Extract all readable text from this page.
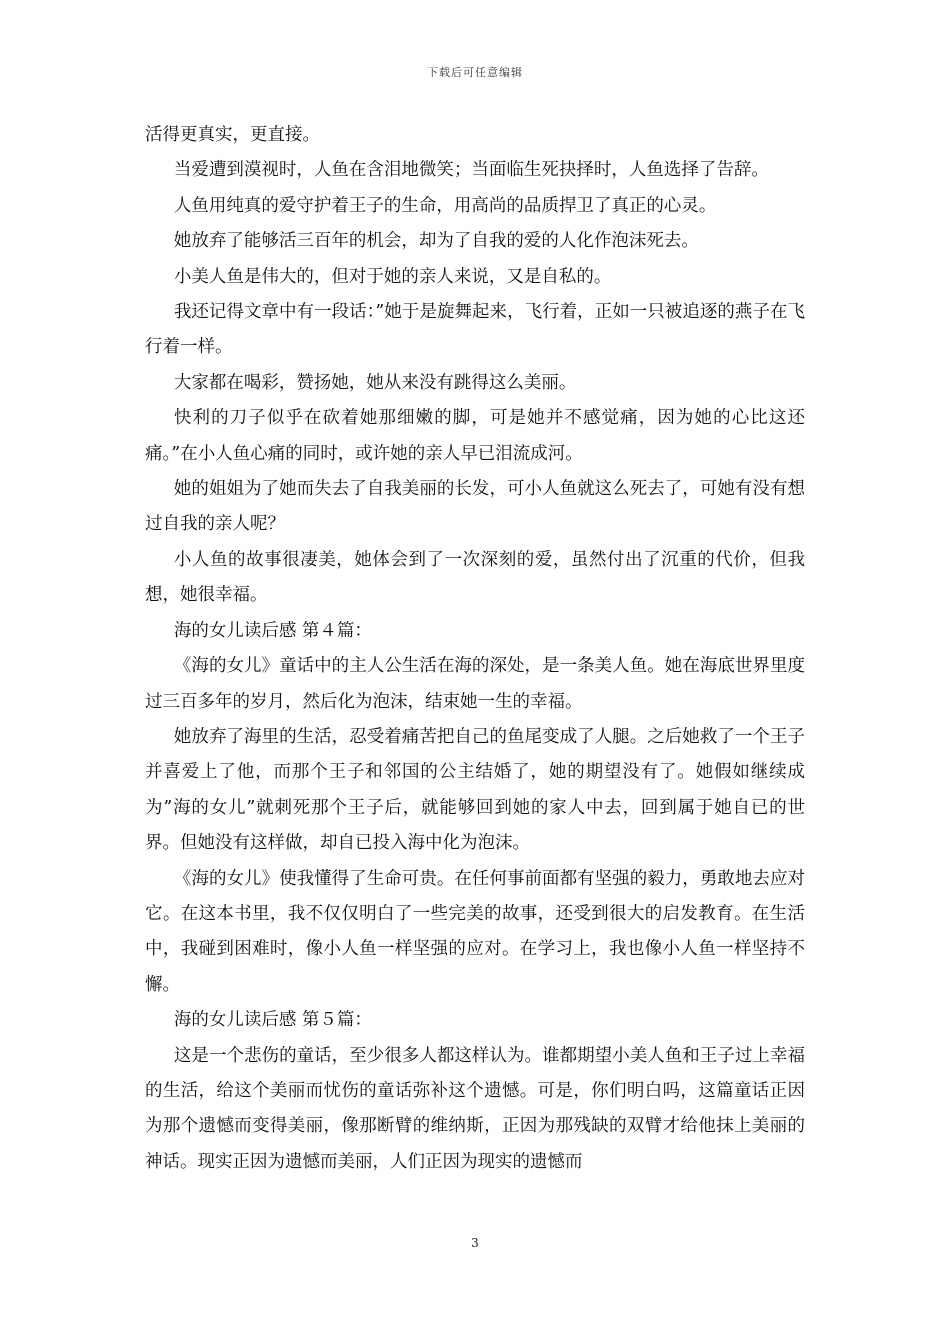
下载后可任意编辑

活得更真实，更直接。

当爱遭到漠视时，人鱼在含泪地微笑；当面临生死抉择时，人鱼选择了告辞。

人鱼用纯真的爱守护着王子的生命，用高尚的品质捍卫了真正的心灵。

她放弃了能够活三百年的机会，却为了自我的爱的人化作泡沫死去。

小美人鱼是伟大的，但对于她的亲人来说，又是自私的。

我还记得文章中有一段话：”她于是旋舞起来，飞行着，正如一只被追逐的燕子在飞行着一样。

大家都在喝彩，赞扬她，她从来没有跳得这么美丽。

快利的刀子似乎在砍着她那细嫩的脚，可是她并不感觉痛，因为她的心比这还痛。”在小人鱼心痛的同时，或许她的亲人早已泪流成河。

她的姐姐为了她而失去了自我美丽的长发，可小人鱼就这么死去了，可她有没有想过自我的亲人呢？

小人鱼的故事很凄美，她体会到了一次深刻的爱，虽然付出了沉重的代价，但我想，她很幸福。

海的女儿读后感 第４篇：

《海的女儿》童话中的主人公生活在海的深处，是一条美人鱼。她在海底世界里度过三百多年的岁月，然后化为泡沫，结束她一生的幸福。

她放弃了海里的生活，忍受着痛苦把自己的鱼尾变成了人腿。之后她救了一个王子并喜爱上了他，而那个王子和邻国的公主结婚了，她的期望没有了。她假如继续成为”海的女儿”就刺死那个王子后，就能够回到她的家人中去，回到属于她自已的世界。但她没有这样做，却自已投入海中化为泡沫。

《海的女儿》使我懂得了生命可贵。在任何事前面都有坚强的毅力，勇敢地去应对它。在这本书里，我不仅仅明白了一些完美的故事，还受到很大的启发教育。在生活中，我碰到困难时，像小人鱼一样坚强的应对。在学习上，我也像小人鱼一样坚持不懈。

海的女儿读后感 第５篇：

这是一个悲伤的童话，至少很多人都这样认为。谁都期望小美人鱼和王子过上幸福的生活，给这个美丽而忧伤的童话弥补这个遗憾。可是，你们明白吗，这篇童话正因为那个遗憾而变得美丽，像那断臂的维纳斯，正因为那残缺的双臂才给他抹上美丽的神话。现实正因为遗憾而美丽，人们正因为现实的遗憾而

3
